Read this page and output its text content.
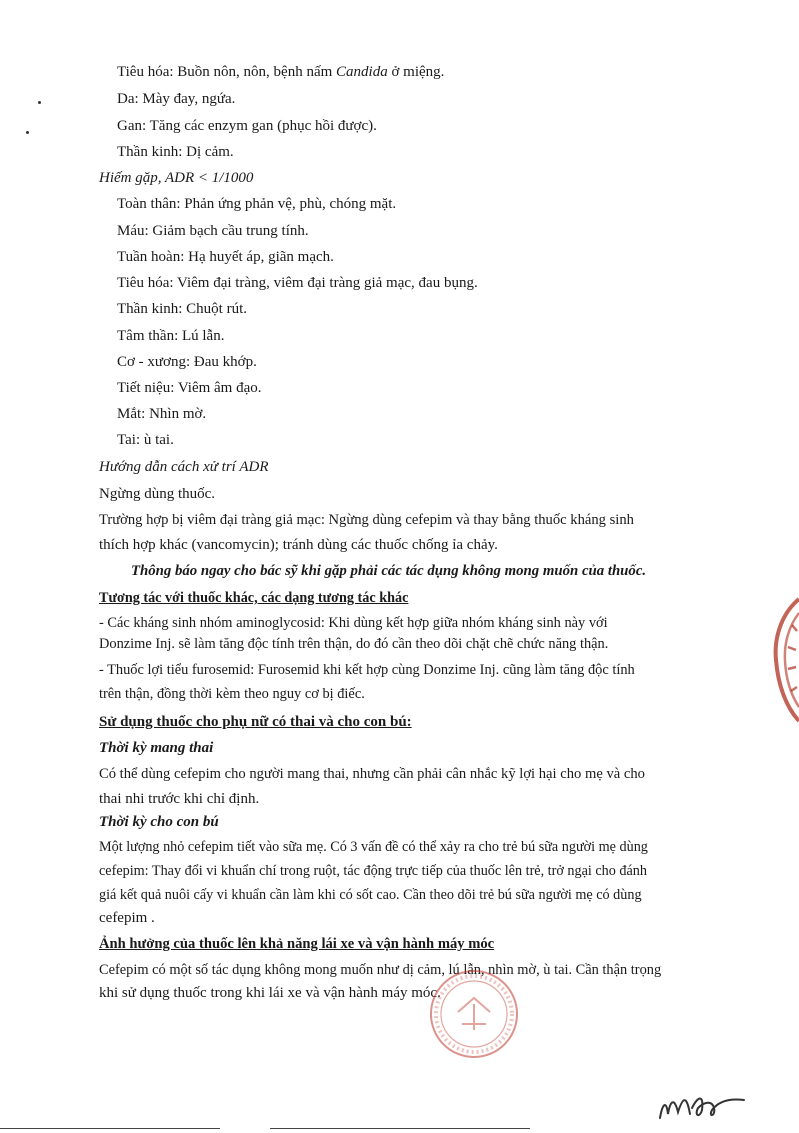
Tiêu hóa: Buồn nôn, nôn, bệnh nấm Candida ở miệng.
Da: Mày đay, ngứa.
Gan: Tăng các enzym gan (phục hồi được).
Thần kinh: Dị cảm.
Hiếm gặp, ADR < 1/1000
Toàn thân: Phản ứng phản vệ, phù, chóng mặt.
Máu: Giảm bạch cầu trung tính.
Tuần hoàn: Hạ huyết áp, giãn mạch.
Tiêu hóa: Viêm đại tràng, viêm đại tràng giả mạc, đau bụng.
Thần kinh: Chuột rút.
Tâm thần: Lú lẫn.
Cơ - xương: Đau khớp.
Tiết niệu: Viêm âm đạo.
Mắt: Nhìn mờ.
Tai: ù tai.
Hướng dẫn cách xử trí ADR
Ngừng dùng thuốc.
Trường hợp bị viêm đại tràng giả mạc: Ngừng dùng cefepim và thay bằng thuốc kháng sinh
thích hợp khác (vancomycin); tránh dùng các thuốc chống ỉa chảy.
Thông báo ngay cho bác sỹ khi gặp phải các tác dụng không mong muốn của thuốc.
Tương tác với thuốc khác, các dạng tương tác khác
- Các kháng sinh nhóm aminoglycosid: Khi dùng kết hợp giữa nhóm kháng sinh này với
Donzime Inj. sẽ làm tăng độc tính trên thận, do đó cần theo dõi chặt chẽ chức năng thận.
- Thuốc lợi tiểu furosemid: Furosemid khi kết hợp cùng Donzime Inj. cũng làm tăng độc tính
trên thận, đồng thời kèm theo nguy cơ bị điếc.
Sử dụng thuốc cho phụ nữ có thai và cho con bú:
Thời kỳ mang thai
Có thể dùng cefepim cho người mang thai, nhưng cần phải cân nhắc kỹ lợi hại cho mẹ và cho
thai nhi trước khi chỉ định.
Thời kỳ cho con bú
Một lượng nhỏ cefepim tiết vào sữa mẹ. Có 3 vấn đề có thể xảy ra cho trẻ bú sữa người mẹ dùng
cefepim: Thay đổi vi khuẩn chí trong ruột, tác động trực tiếp của thuốc lên trẻ, trở ngại cho đánh
giá kết quả nuôi cấy vi khuẩn cần làm khi có sốt cao. Cần theo dõi trẻ bú sữa người mẹ có dùng
cefepim .
Ảnh hưởng của thuốc lên khả năng lái xe và vận hành máy móc
Cefepim có một số tác dụng không mong muốn như dị cảm, lú lẫn, nhìn mờ, ù tai. Cần thận trọng
khi sử dụng thuốc trong khi lái xe và vận hành máy móc.
